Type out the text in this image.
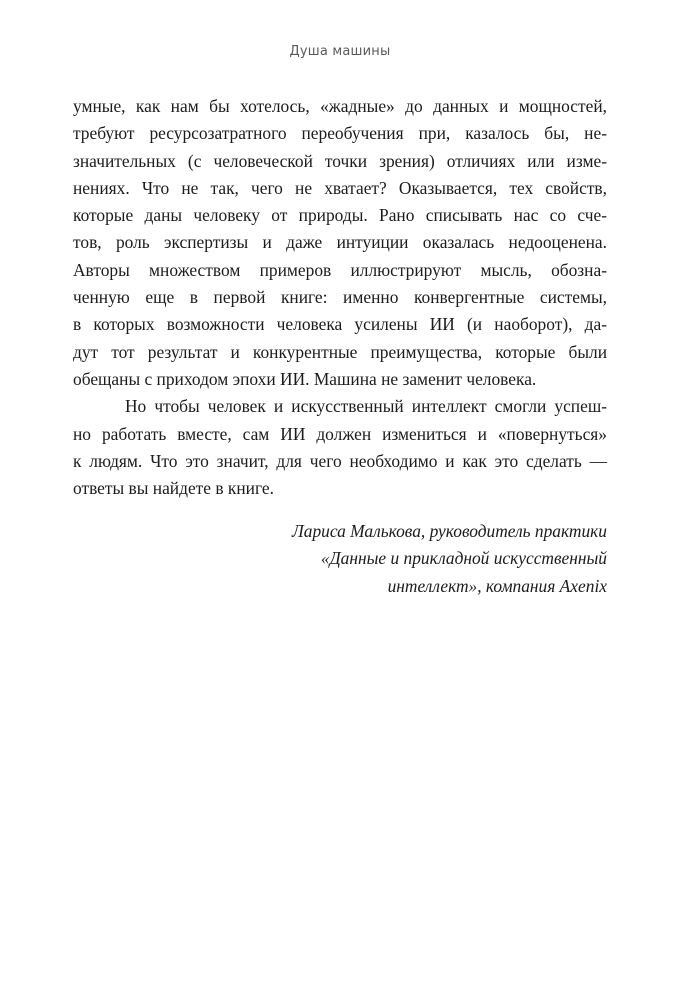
Душа машины
умные, как нам бы хотелось, «жадные» до данных и мощностей,
требуют ресурсозатратного переобучения при, казалось бы, не-
значительных (с человеческой точки зрения) отличиях или изме-
нениях. Что не так, чего не хватает? Оказывается, тех свойств,
которые даны человеку от природы. Рано списывать нас со сче-
тов, роль экспертизы и даже интуиции оказалась недооценена.
Авторы множеством примеров иллюстрируют мысль, обозна-
ченную еще в первой книге: именно конвергентные системы,
в которых возможности человека усилены ИИ (и наоборот), да-
дут тот результат и конкурентные преимущества, которые были
обещаны с приходом эпохи ИИ. Машина не заменит человека.
Но чтобы человек и искусственный интеллект смогли успеш-
но работать вместе, сам ИИ должен измениться и «повернуться»
к людям. Что это значит, для чего необходимо и как это сделать —
ответы вы найдете в книге.
Лариса Малькова, руководитель практики
«Данные и прикладной искусственный
интеллект», компания Axenix
